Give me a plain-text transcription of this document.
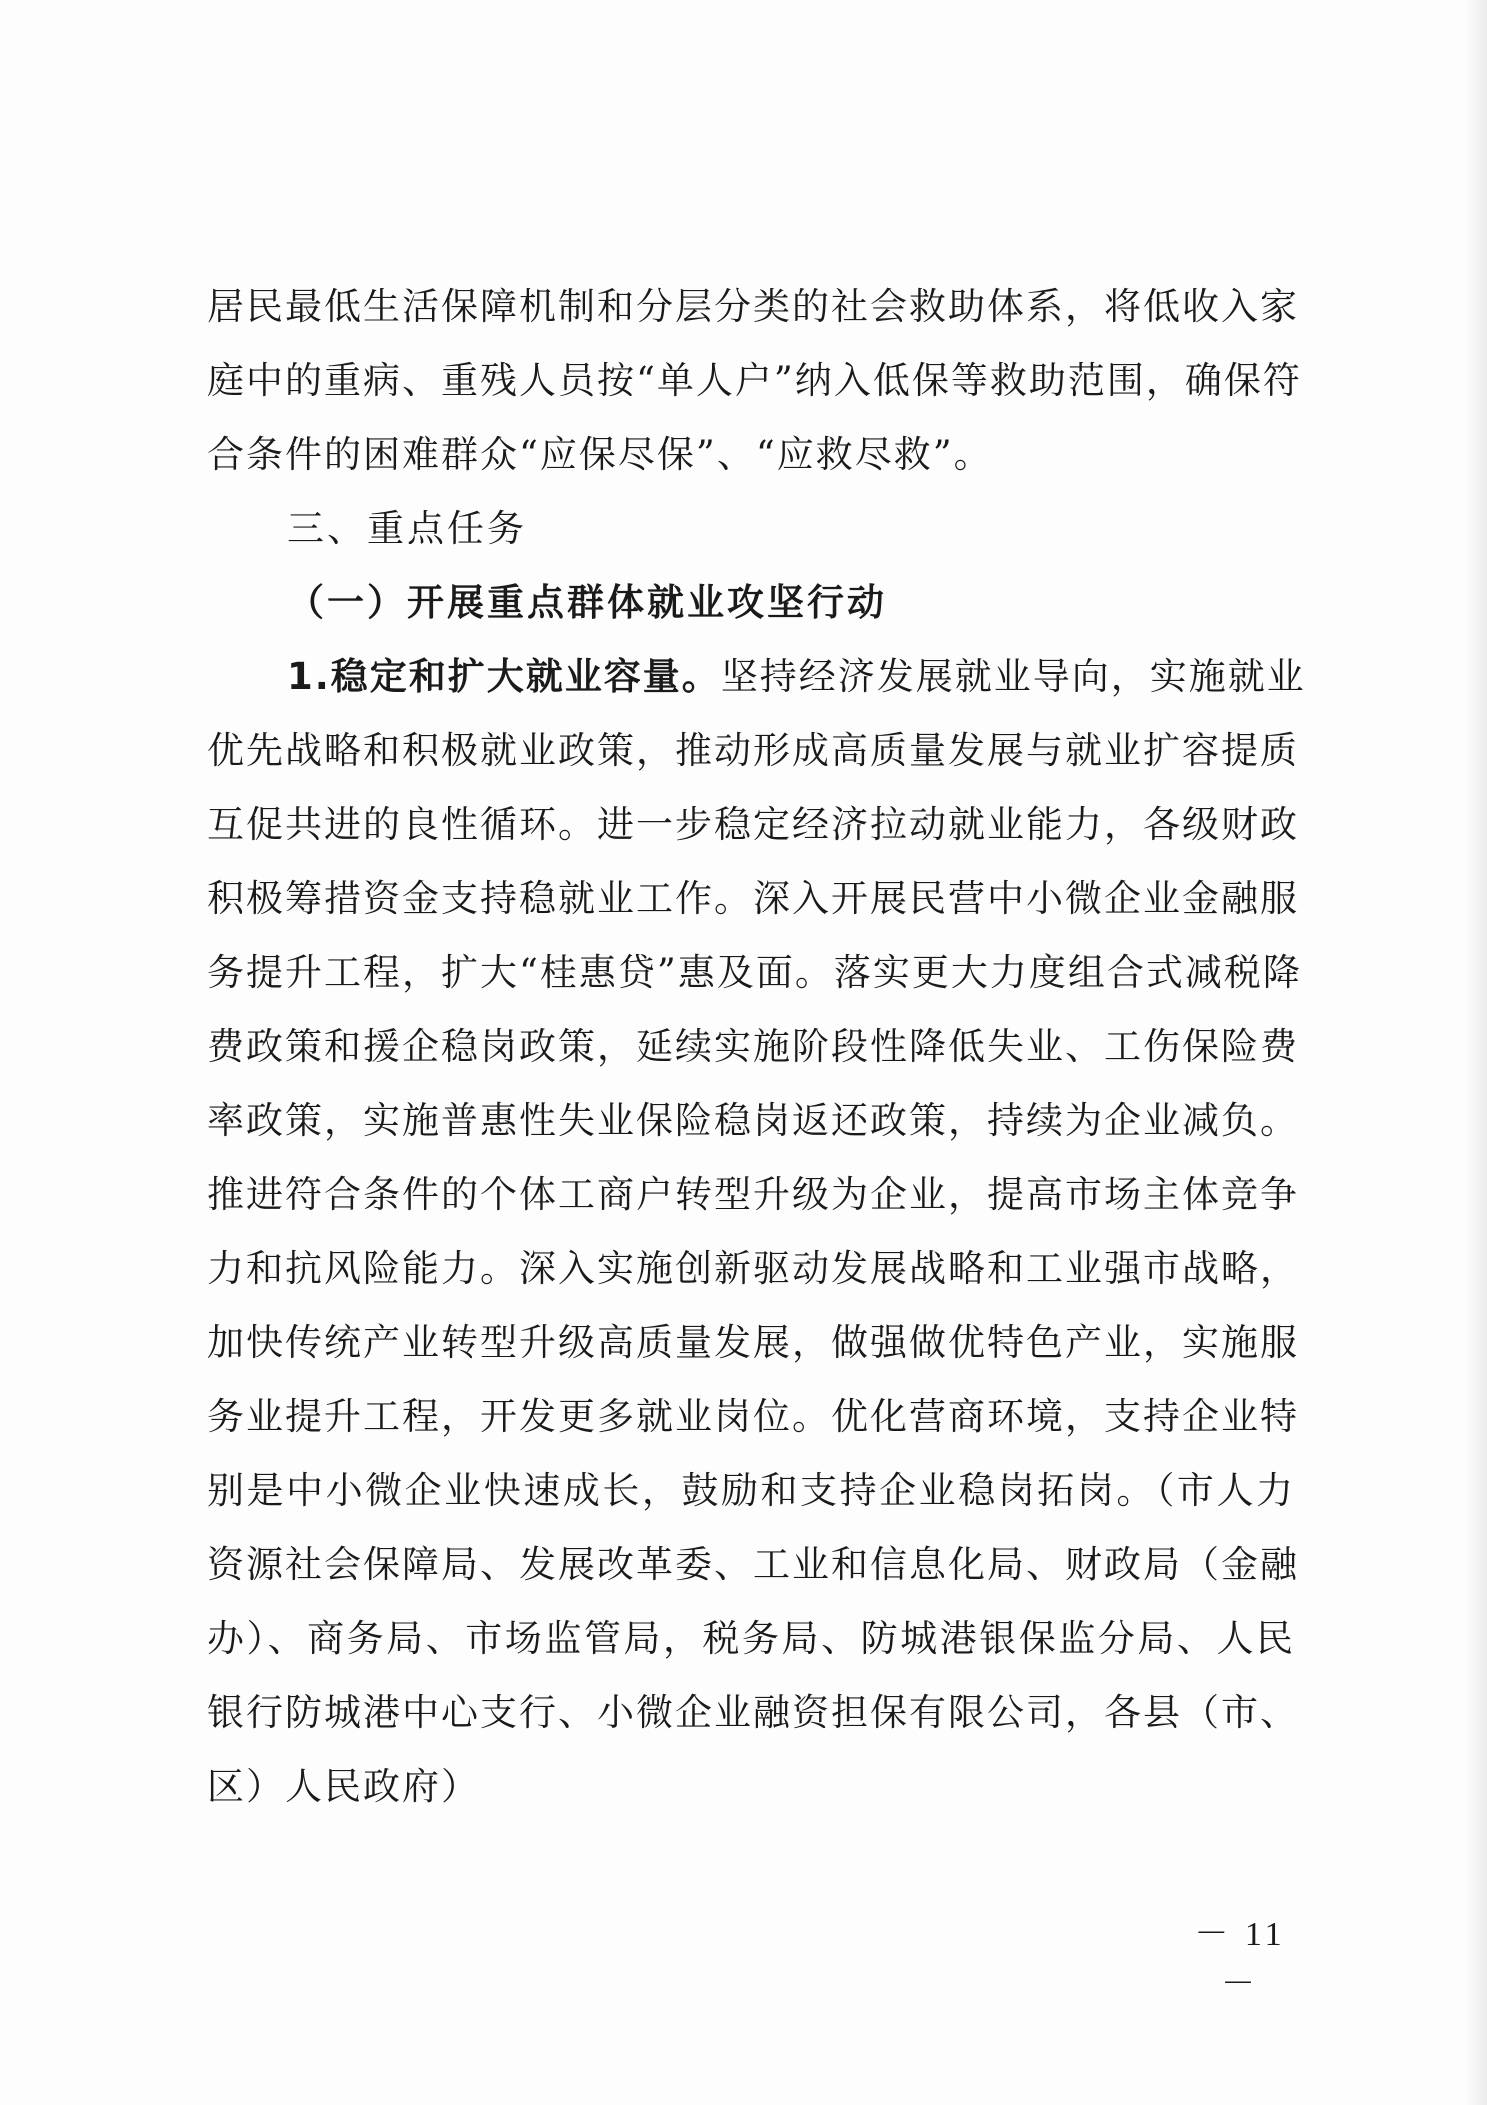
居民最低生活保障机制和分层分类的社会救助体系，将低收入家
庭中的重病、重残人员按“单人户”纳入低保等救助范围，确保符
合条件的困难群众“应保尽保”、“应救尽救”。
三、重点任务
（一）开展重点群体就业攻坚行动
1.稳定和扩大就业容量。坚持经济发展就业导向，实施就业
优先战略和积极就业政策，推动形成高质量发展与就业扩容提质
互促共进的良性循环。进一步稳定经济拉动就业能力，各级财政
积极筹措资金支持稳就业工作。深入开展民营中小微企业金融服
务提升工程，扩大“桂惠贷”惠及面。落实更大力度组合式减税降
费政策和援企稳岗政策，延续实施阶段性降低失业、工伤保险费
率政策，实施普惠性失业保险稳岗返还政策，持续为企业减负。
推进符合条件的个体工商户转型升级为企业，提高市场主体竞争
力和抗风险能力。深入实施创新驱动发展战略和工业强市战略，
加快传统产业转型升级高质量发展，做强做优特色产业，实施服
务业提升工程，开发更多就业岗位。优化营商环境，支持企业特
别是中小微企业快速成长，鼓励和支持企业稳岗拓岗。（市人力
资源社会保障局、发展改革委、工业和信息化局、财政局（金融
办）、商务局、市场监管局，税务局、防城港银保监分局、人民
银行防城港中心支行、小微企业融资担保有限公司，各县（市、
区）人民政府）
－ 11 －
